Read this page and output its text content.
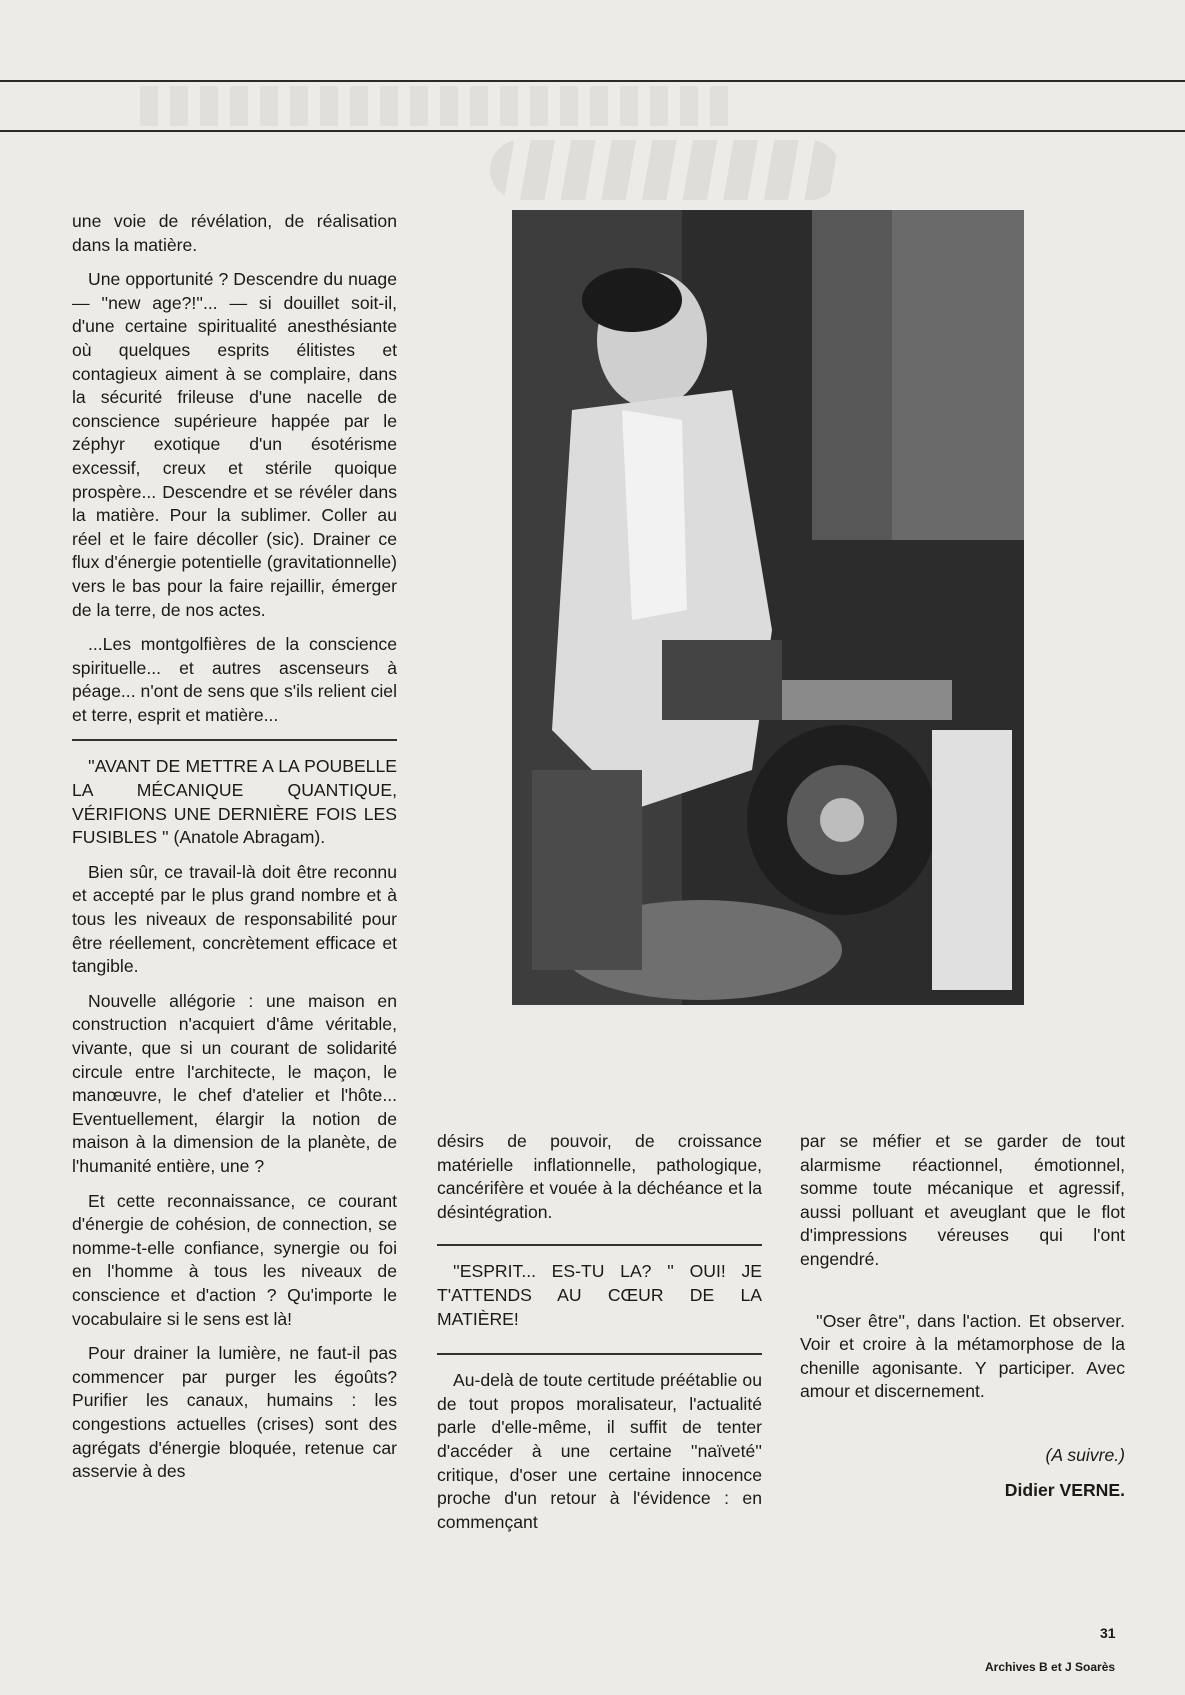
une voie de révélation, de réalisation dans la matière.

Une opportunité ? Descendre du nuage — ''new age?!''... — si douillet soit-il, d'une certaine spiritualité anesthésiante où quelques esprits élitistes et contagieux aiment à se complaire, dans la sécurité frileuse d'une nacelle de conscience supérieure happée par le zéphyr exotique d'un ésotérisme excessif, creux et stérile quoique prospère... Descendre et se révéler dans la matière. Pour la sublimer. Coller au réel et le faire décoller (sic). Drainer ce flux d'énergie potentielle (gravitationnelle) vers le bas pour la faire rejaillir, émerger de la terre, de nos actes.

...Les montgolfières de la conscience spirituelle... et autres ascenseurs à péage... n'ont de sens que s'ils relient ciel et terre, esprit et matière...

''AVANT DE METTRE A LA POUBELLE LA MÉCANIQUE QUANTIQUE, VÉRIFIONS UNE DERNIÈRE FOIS LES FUSIBLES '' (Anatole Abragam).

Bien sûr, ce travail-là doit être reconnu et accepté par le plus grand nombre et à tous les niveaux de responsabilité pour être réellement, concrètement efficace et tangible.

Nouvelle allégorie : une maison en construction n'acquiert d'âme véritable, vivante, que si un courant de solidarité circule entre l'architecte, le maçon, le manœuvre, le chef d'atelier et l'hôte... Eventuellement, élargir la notion de maison à la dimension de la planète, de l'humanité entière, une ?

Et cette reconnaissance, ce courant d'énergie de cohésion, de connection, se nomme-t-elle confiance, synergie ou foi en l'homme à tous les niveaux de conscience et d'action ? Qu'importe le vocabulaire si le sens est là!

Pour drainer la lumière, ne faut-il pas commencer par purger les égoûts? Purifier les canaux, humains : les congestions actuelles (crises) sont des agrégats d'énergie bloquée, retenue car asservie à des

désirs de pouvoir, de croissance matérielle inflationnelle, pathologique, cancérifère et vouée à la déchéance et la désintégration.

''ESPRIT... ES-TU LA? '' OUI! JE T'ATTENDS AU CŒUR DE LA MATIÈRE!

Au-delà de toute certitude préétablie ou de tout propos moralisateur, l'actualité parle d'elle-même, il suffit de tenter d'accéder à une certaine ''naïveté'' critique, d'oser une certaine innocence proche d'un retour à l'évidence : en commençant

par se méfier et se garder de tout alarmisme réactionnel, émotionnel, somme toute mécanique et agressif, aussi polluant et aveuglant que le flot d'impressions véreuses qui l'ont engendré.

''Oser être'', dans l'action. Et observer. Voir et croire à la métamorphose de la chenille agonisante. Y participer. Avec amour et discernement.

(A suivre.)

Didier VERNE.

31
Archives B et J Soarès
